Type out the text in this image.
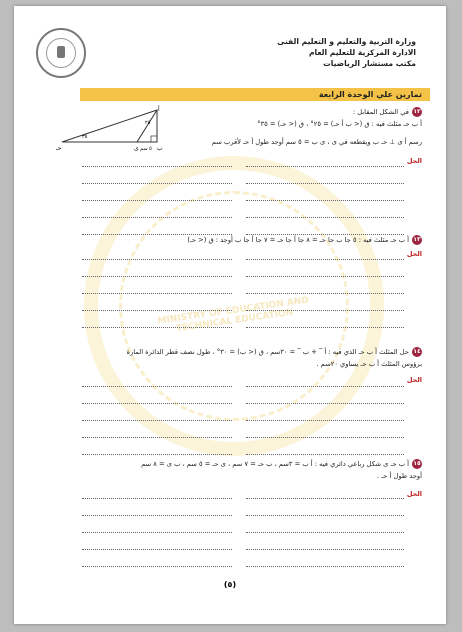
MINISTRY OF EDUCATION AND TECHNICAL EDUCATION
وزارة التربية والتعليم و التعليم الفنى
الادارة المركزية للتعليم العام
مكتب مستشار الرياضيات
تمارين علي الوحدة الرابعة
أ
حـ	ى	ب
٢٥
٣٥
٥ سم
١٢في الشكل المقابل :
أ ب حـ مثلث فيه : ق (< ب أ حـ) = ٢٥° ، ق (< حـ) = ٣٥°
رسم أ ى ⊥ حـ ب ويقطعه في ى ، ى ب = ٥ سم أوجد طول أ حـ لأقرب سم
الحل
١٣أ ب حـ مثلث فيه : ٥ جا ب جا حـ = ٨ جا أ جا حـ = ٧ جا أ جا ب أوجد : ق (< حـ)
الحل
١٤حل المثلث أ ب حـ الذي فيه : أ ‾ + ب ‾ = ٣٠سم ، ق (< ب) = ٣٠° ، طول نصف قطر الدائرة المارة
برؤوس المثلث أ ب حـ يساوي ٢٠سم .
الحل
١٥أ ب حـ ى شكل رباعي دائري فيه : أ ب = ٣سم ، ب حـ = ٧ سم ، ى حـ = ٥ سم ، ب ى = ٨ سم
أوجد طول أ حـ .
الحل
(٥)
